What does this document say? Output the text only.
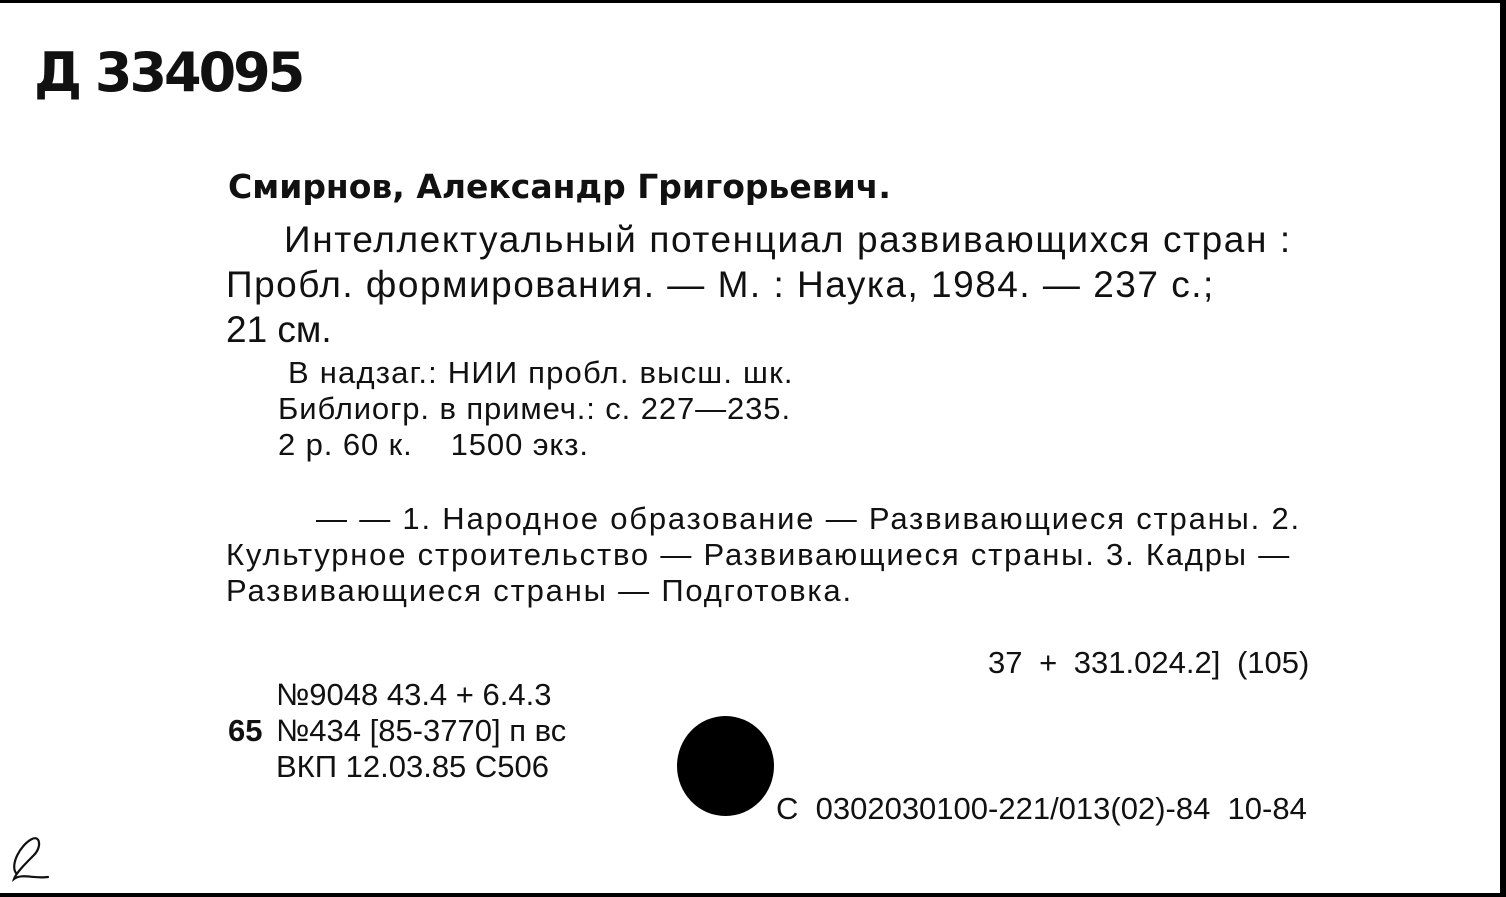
Д 334095
Смирнов, Александр Григорьевич.
Интеллектуальный потенциал развивающихся стран :
Пробл. формирования. — М. : Наука, 1984. — 237 с.;
21 см.
В надзаг.: НИИ пробл. высш. шк.
Библиогр. в примеч.: с. 227—235.
2 р. 60 к.    1500 экз.
— — 1. Народное образование — Развивающиеся страны. 2.
Культурное строительство — Развивающиеся страны. 3. Кадры —
Развивающиеся страны — Подготовка.
37 + 331.024.2] (105)
№9048 43.4 + 6.4.3
65 №434 [85-3770] п вс
ВКП 12.03.85 С506
С  0302030100-221/013(02)-84  10-84
